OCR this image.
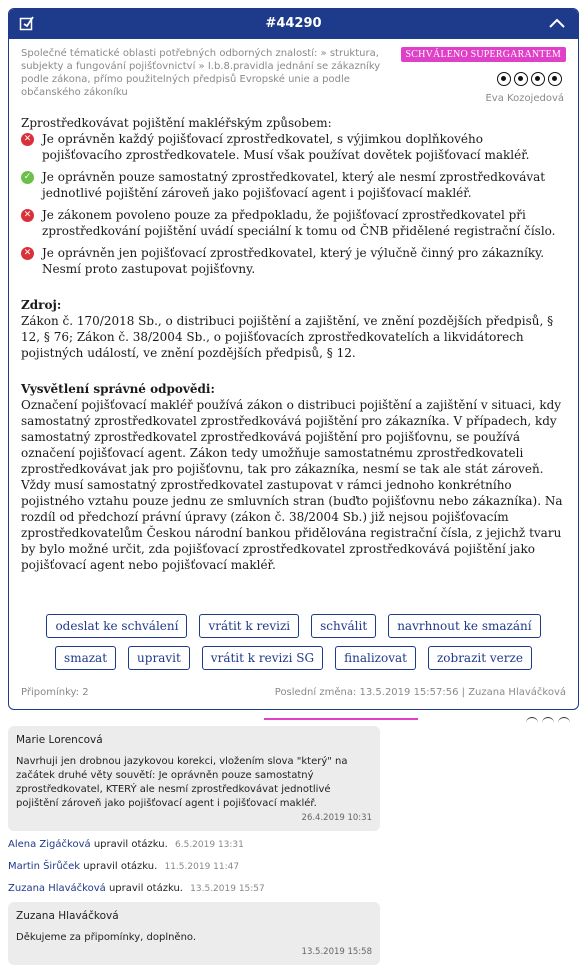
#44290
Společné tématické oblasti potřebných odborných znalostí: » struktura, subjekty a fungování pojišťovnictví » I.b.8.pravidla jednání se zákazníky podle zákona, přímo použitelných předpisů Evropské unie a podle občanského zákoníku
SCHVÁLENO SUPERGARANTEM
Eva Kozojedová

Zprostředkovávat pojištění makléřským způsobem:

✕ Je oprávněn každý pojišťovací zprostředkovatel, s výjimkou doplňkového pojišťovacího zprostředkovatele. Musí však používat dovětek pojišťovací makléř.
✓ Je oprávněn pouze samostatný zprostředkovatel, který ale nesmí zprostředkovávat jednotlivé pojištění zároveň jako pojišťovací agent i pojišťovací makléř.
✕ Je zákonem povoleno pouze za předpokladu, že pojišťovací zprostředkovatel při zprostředkování pojištění uvádí speciální k tomu od ČNB přidělené registrační číslo.
✕ Je oprávněn jen pojišťovací zprostředkovatel, který je výlučně činný pro zákazníky. Nesmí proto zastupovat pojišťovny.
Zdroj:

Zákon č. 170/2018 Sb., o distribuci pojištění a zajištění, ve znění pozdějších předpisů, § 12, § 76; Zákon č. 38/2004 Sb., o pojišťovacích zprostředkovatelích a likvidátorech pojistných událostí, ve znění pozdějších předpisů, § 12.

Vysvětlení správné odpovědi:

Označení pojišťovací makléř používá zákon o distribuci pojištění a zajištění v situaci, kdy samostatný zprostředkovatel zprostředkovává pojištění pro zákazníka. V případech, kdy samostatný zprostředkovatel zprostředkovává pojištění pro pojišťovnu, se používá označení pojišťovací agent. Zákon tedy umožňuje samostatnému zprostředkovateli zprostředkovávat jak pro pojišťovnu, tak pro zákazníka, nesmí se tak ale stát zároveň. Vždy musí samostatný zprostředkovatel zastupovat v rámci jednoho konkrétního pojistného vztahu pouze jednu ze smluvních stran (buďto pojišťovnu nebo zákazníka). Na rozdíl od předchozí právní úpravy (zákon č. 38/2004 Sb.) již nejsou pojišťovacím zprostředkovatelům Českou národní bankou přidělována registrační čísla, z jejichž tvaru by bylo možné určit, zda pojišťovací zprostředkovatel zprostředkovává pojištění jako pojišťovací agent nebo pojišťovací makléř.

odeslat ke schválení	vrátit k revizi	schválit	navrhnout ke smazání
smazat	upravit	vrátit k revizi SG	finalizovat	zobrazit verze
Připomínky: 2	Poslední změna: 13.5.2019 15:57:56 | Zuzana Hlaváčková
Marie Lorencová
Navrhuji jen drobnou jazykovou korekci, vložením slova "který" na začátek druhé věty souvětí: Je oprávněn pouze samostatný zprostředkovatel, KTERÝ ale nesmí zprostředkovávat jednotlivé pojištění zároveň jako pojišťovací agent i pojišťovací makléř.
26.4.2019 10:31
Alena Zigáčková upravil otázku. 6.5.2019 13:31
Martin Širůček upravil otázku. 11.5.2019 11:47
Zuzana Hlaváčková upravil otázku. 13.5.2019 15:57
Zuzana Hlaváčková
Děkujeme za připomínky, doplněno.
13.5.2019 15:58
